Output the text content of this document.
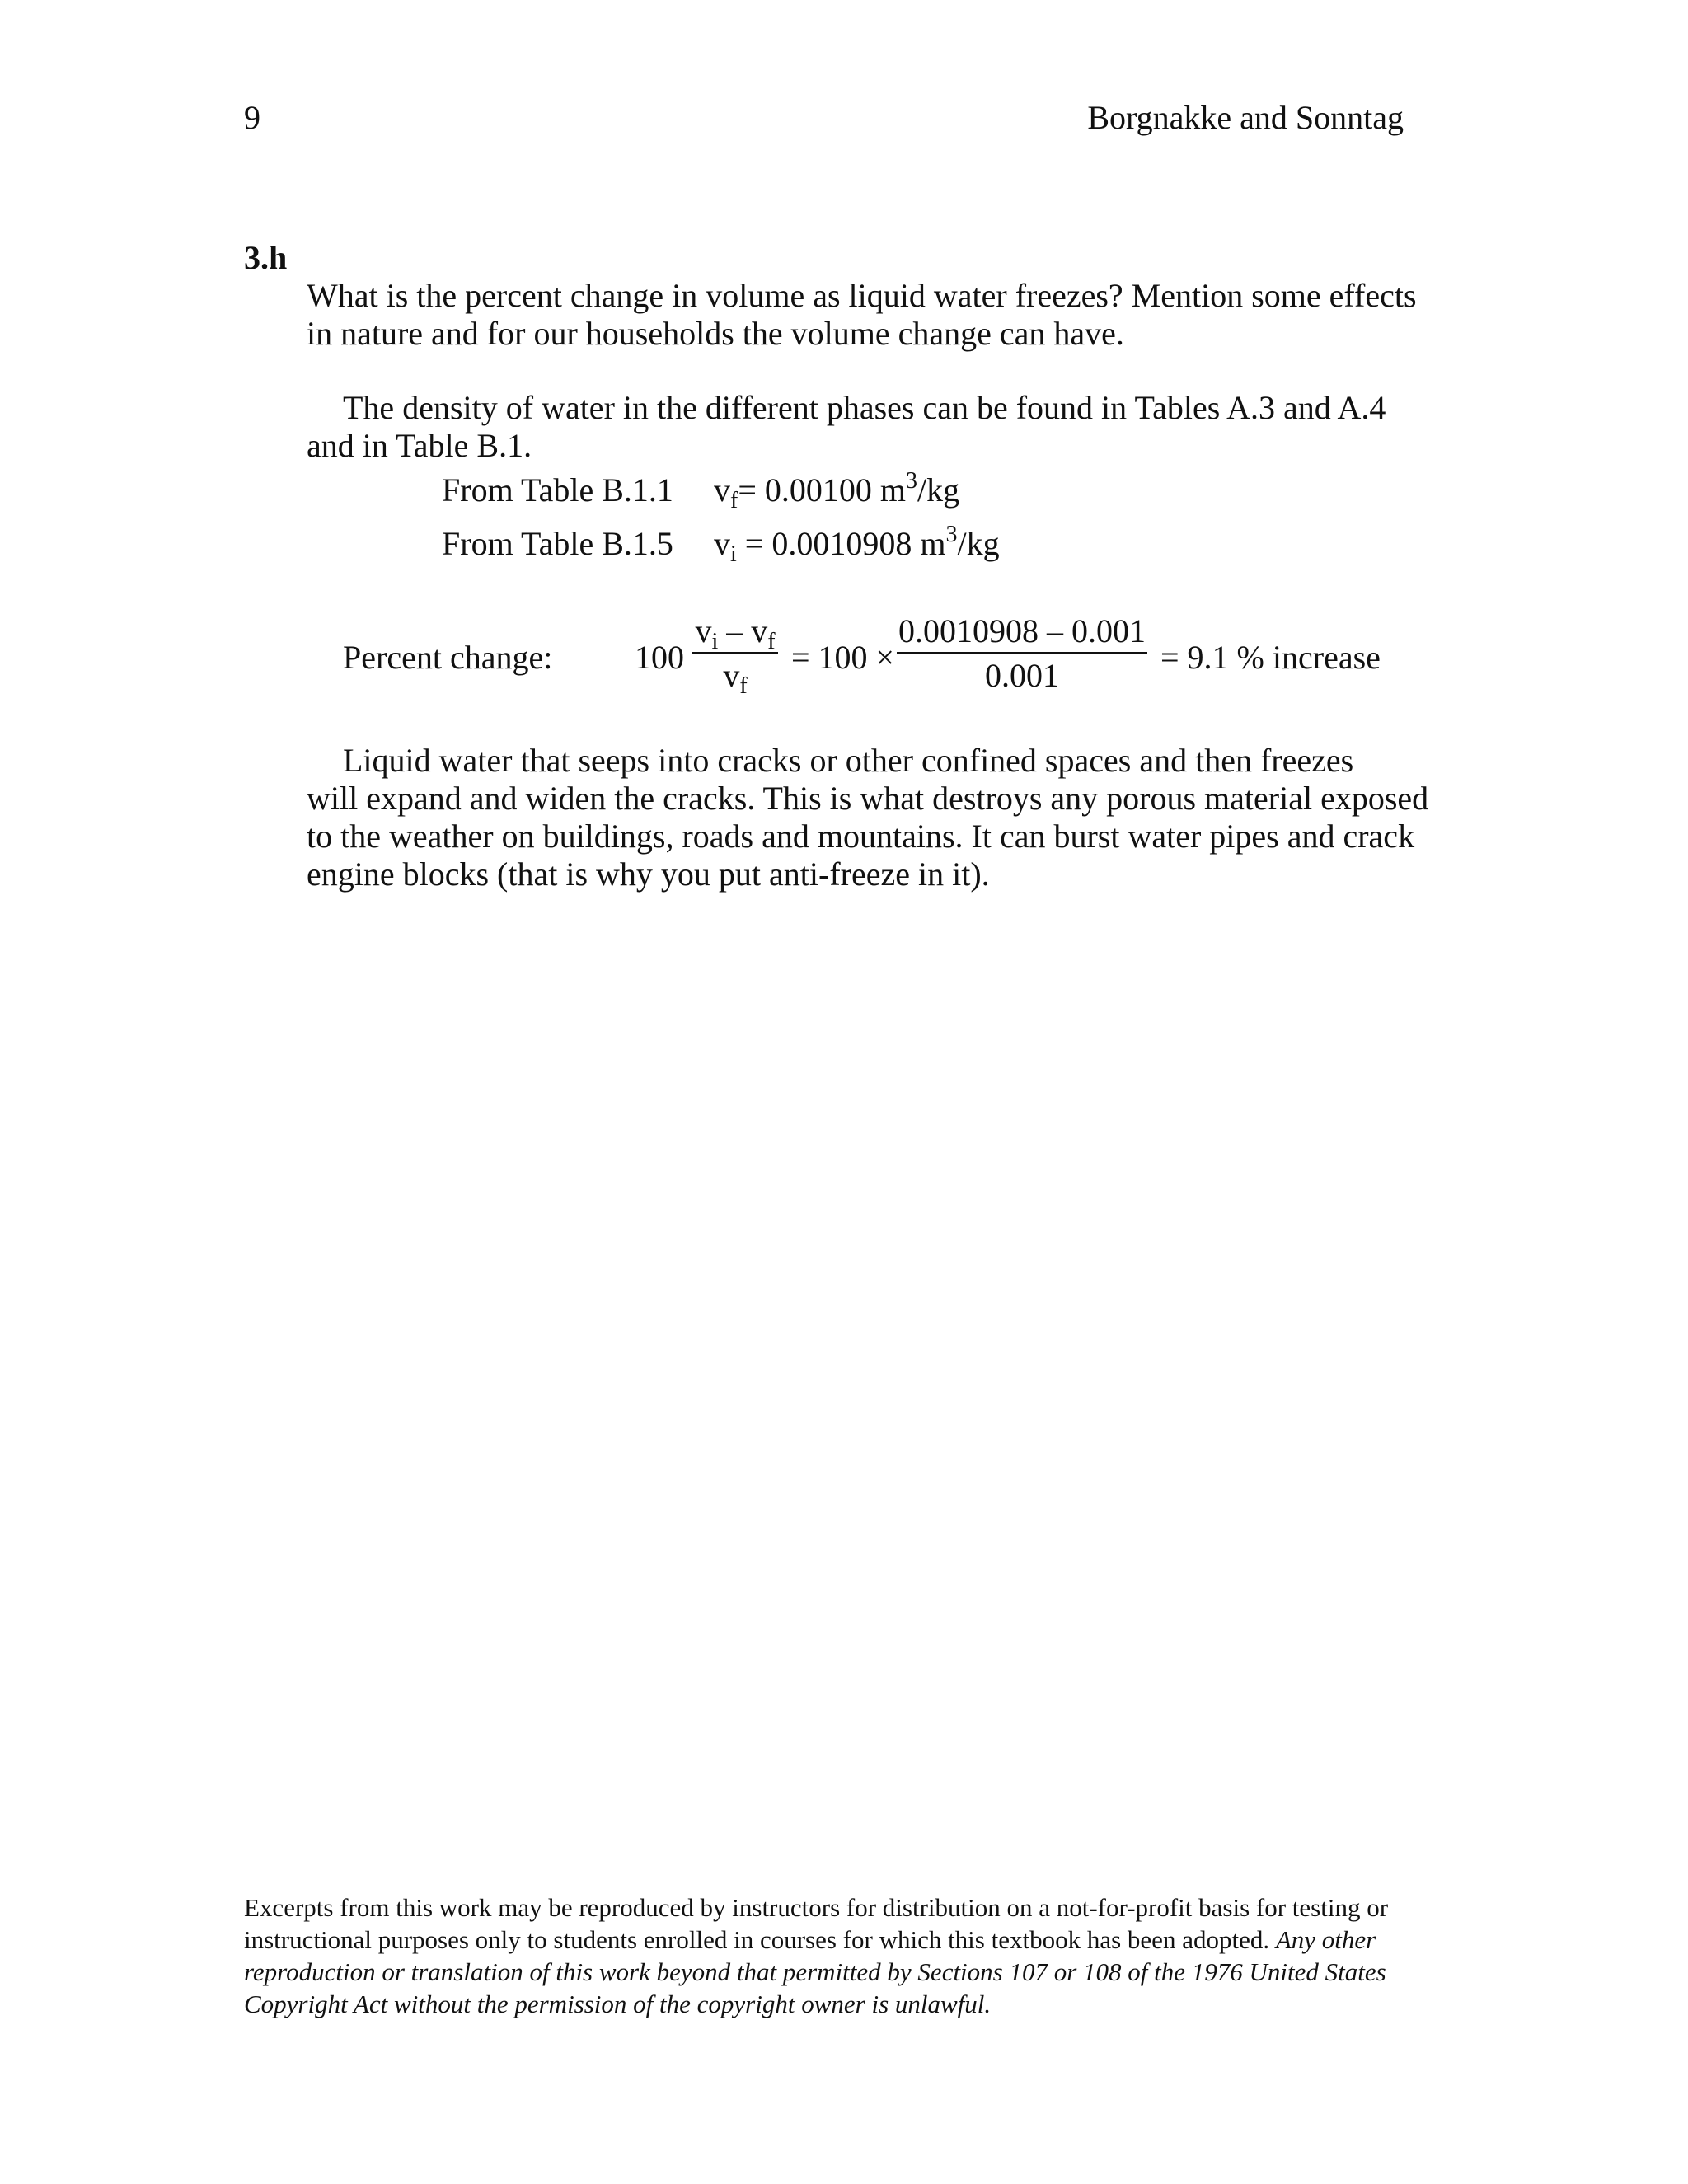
9	Borgnakke and Sonntag
3.h
What is the percent change in volume as liquid water freezes? Mention some effects
in nature and for our households the volume change can have.
The density of water in the different phases can be found in Tables A.3 and A.4
and in Table B.1.
From Table B.1.1 $v_f= 0.00100$ $m^3/kg$
From Table B.1.5 $v_i = 0.0010908$ $m^3/kg$
Percent change: 100
$v_i - v_f$
$v_f$
= 100 ×
0.0010908 – 0.001
0.001	= 9.1 % increase
Liquid water that seeps into cracks or other confined spaces and then freezes
will expand and widen the cracks. This is what destroys any porous material exposed
to the weather on buildings, roads and mountains. It can burst water pipes and crack
engine blocks (that is why you put anti-freeze in it).
Excerpts from this work may be reproduced by instructors for distribution on a not-for-profit basis for testing or instructional purposes only to students enrolled in courses for which this textbook has been adopted. Any other reproduction or translation of this work beyond that permitted by Sections 107 or 108 of the 1976 United States Copyright Act without the permission of the copyright owner is unlawful.
